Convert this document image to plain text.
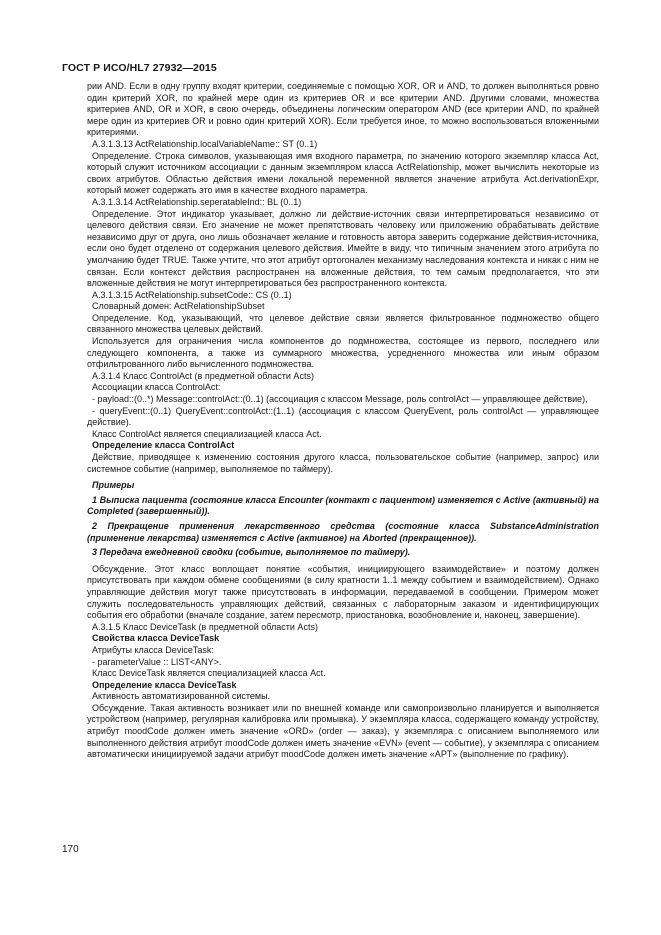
ГОСТ Р ИСО/HL7 27932—2015

рии AND. Если в одну группу входят критерии, соединяемые с помощью XOR, OR и AND, то должен выполняться ровно один критерий XOR, по крайней мере один из критериев OR и все критерии AND. Другими словами, множества критериев AND, OR и XOR, в свою очередь, объединены логическим оператором AND (все критерии AND, по крайней мере один из критериев OR и ровно один критерий XOR). Если требуется иное, то можно воспользоваться вложенными критериями.

A.3.1.3.13 ActRelationship.localVariableName:: ST (0..1)

Определение. Строка символов, указывающая имя входного параметра, по значению которого экземпляр класса Act, который служит источником ассоциации с данным экземпляром класса ActRelationship, может вычислить некоторые из своих атрибутов. Областью действия имени локальной переменной является значение атрибута Act.derivationExpr, который может содержать это имя в качестве входного параметра.

A.3.1.3.14 ActRelationship.seperatableInd:: BL (0..1)

Определение. Этот индикатор указывает, должно ли действие-источник связи интерпретироваться независимо от целевого действия связи. Его значение не может препятствовать человеку или приложению обрабатывать действие независимо друг от друга, оно лишь обозначает желание и готовность автора заверить содержание действия-источника, если оно будет отделено от содержания целевого действия. Имейте в виду, что типичным значением этого атрибута по умолчанию будет TRUE. Также учтите, что этот атрибут ортогонален механизму наследования контекста и никак с ним не связан. Если контекст действия распространен на вложенные действия, то тем самым предполагается, что эти вложенные действия не могут интерпретироваться без распространенного контекста.

A.3.1.3.15 ActRelationship.subsetCode:: CS (0..1)

Словарный домен: ActRelationshipSubset

Определение. Код, указывающий, что целевое действие связи является фильтрованное подмножество общего связанного множества целевых действий.

Используется для ограничения числа компонентов до подмножества, состоящее из первого, последнего или следующего компонента, а также из суммарного множества, усредненного множества или иным образом отфильтрованного либо вычисленного подмножества.

A.3.1.4 Класс ControlAct (в предметной области Acts)

Ассоциации класса ControlAct:

- payload::(0..*) Message::controlAct::(0..1) (ассоциация с классом Message, роль controlAct — управляющее действие),

- queryEvent::(0..1) QueryEvent::controlAct::(1..1) (ассоциация с классом QueryEvent, роль controlAct — управляющее действие).

Класс ControlAct является специализацией класса Act.

Определение класса ControlAct

Действие, приводящее к изменению состояния другого класса, пользовательское событие (например, запрос) или системное событие (например, выполняемое по таймеру).

Примеры

1 Выписка пациента (состояние класса Encounter (контакт с пациентом) изменяется с Active (активный) на Completed (завершенный)).

2 Прекращение применения лекарственного средства (состояние класса SubstanceAdministration (применение лекарства) изменяется с Active (активное) на Aborted (прекращенное)).

3 Передача ежедневной сводки (событие, выполняемое по таймеру).

Обсуждение. Этот класс воплощает понятие «события, инициирующего взаимодействие» и поэтому должен присутствовать при каждом обмене сообщениями (в силу кратности 1..1 между событием и взаимодействием). Однако управляющие действия могут также присутствовать в информации, передаваемой в сообщении. Примером может служить последовательность управляющих действий, связанных с лабораторным заказом и идентифицирующих события его обработки (вначале создание, затем пересмотр, приостановка, возобновление и, наконец, завершение).

A.3.1.5 Класс DeviceTask (в предметной области Acts)

Свойства класса DeviceTask

Атрибуты класса DeviceTask:

- parameterValue :: LIST<ANY>.

Класс DeviceTask является специализацией класса Act.

Определение класса DeviceTask

Активность автоматизированной системы.

Обсуждение. Такая активность возникает или по внешней команде или самопроизвольно планируется и выполняется устройством (например, регулярная калибровка или промывка). У экземпляра класса, содержащего команду устройству, атрибут moodCode должен иметь значение «ORD» (order — заказ), у экземпляра с описанием выполняемого или выполненного действия атрибут moodCode должен иметь значение «EVN» (event — событие), у экземпляра с описанием автоматически инициируемой задачи атрибут moodCode должен иметь значение «APT» (выполнение по графику).

170
